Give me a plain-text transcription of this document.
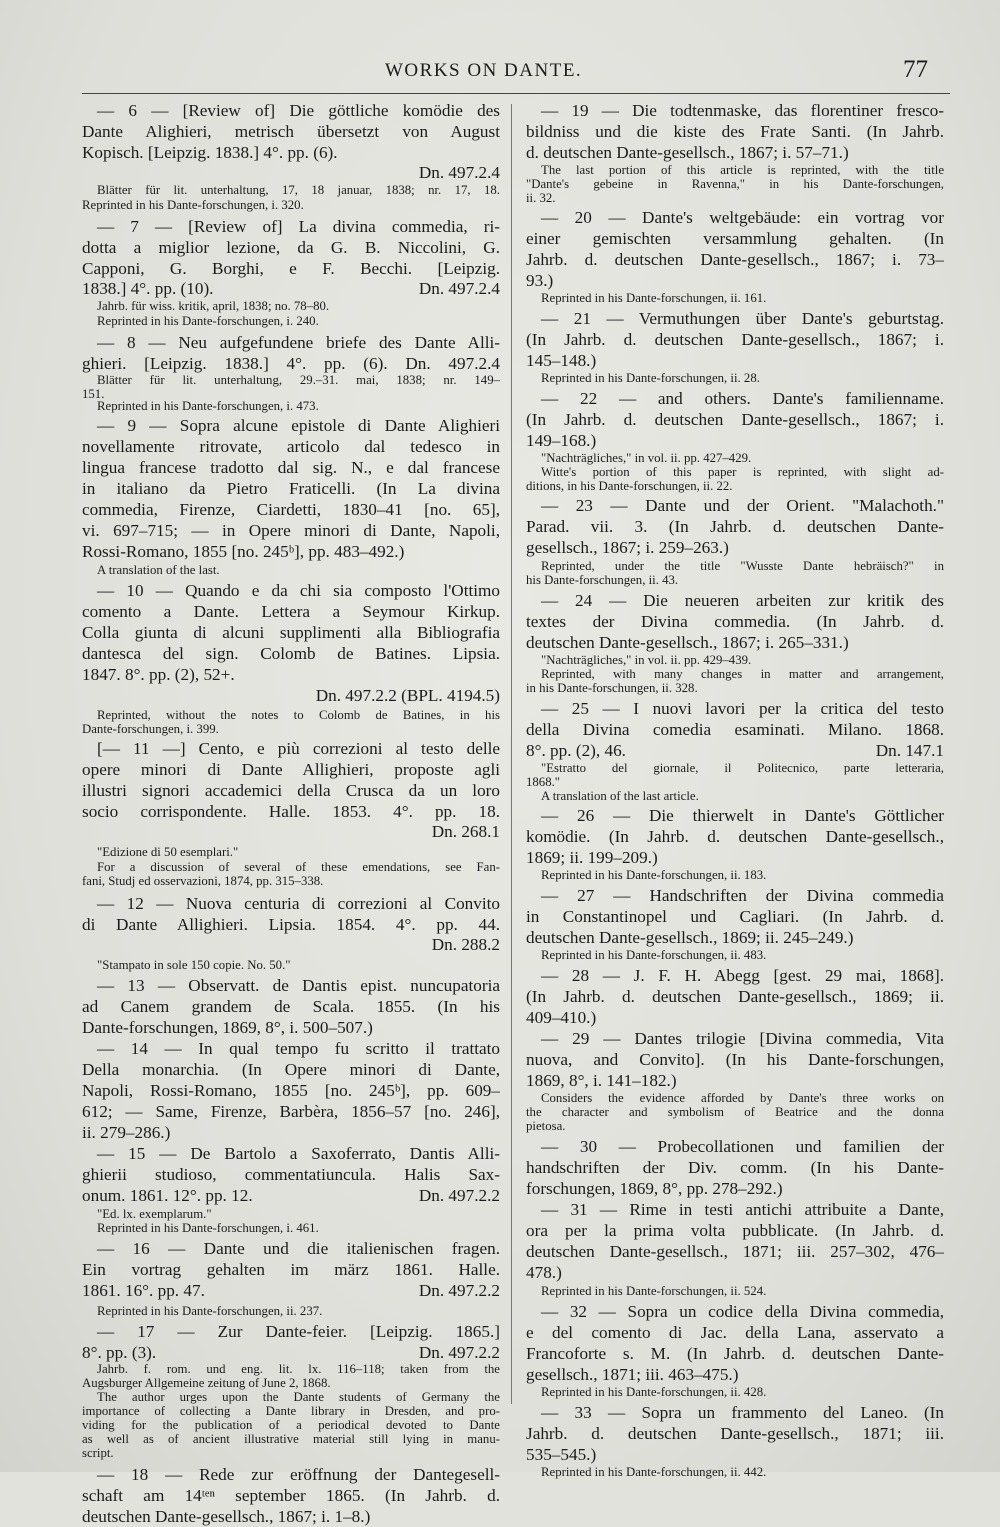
WORKS ON DANTE.	77
— 6 — [Review of] Die göttliche komödie des
Dante Alighieri, metrisch übersetzt von August
Kopisch. [Leipzig. 1838.] 4°. pp. (6).
Dn. 497.2.4
Blätter für lit. unterhaltung, 17, 18 januar, 1838; nr. 17, 18.
Reprinted in his Dante-forschungen, i. 320.
— 7 — [Review of] La divina commedia, ri-
dotta a miglior lezione, da G. B. Niccolini, G.
Capponi, G. Borghi, e F. Becchi. [Leipzig.
1838.] 4°. pp. (10).	Dn. 497.2.4
Jahrb. für wiss. kritik, april, 1838; no. 78–80.
Reprinted in his Dante-forschungen, i. 240.
— 8 — Neu aufgefundene briefe des Dante Alli-
ghieri. [Leipzig. 1838.] 4°. pp. (6). Dn. 497.2.4
Blätter für lit. unterhaltung, 29.–31. mai, 1838; nr. 149–
151.
Reprinted in his Dante-forschungen, i. 473.
— 9 — Sopra alcune epistole di Dante Alighieri
novellamente ritrovate, articolo dal tedesco in
lingua francese tradotto dal sig. N., e dal francese
in italiano da Pietro Fraticelli. (In La divina
commedia, Firenze, Ciardetti, 1830–41 [no. 65],
vi. 697–715; — in Opere minori di Dante, Napoli,
Rossi-Romano, 1855 [no. 245ᵇ], pp. 483–492.)
A translation of the last.
— 10 — Quando e da chi sia composto l'Ottimo
comento a Dante. Lettera a Seymour Kirkup.
Colla giunta di alcuni supplimenti alla Bibliografia
dantesca del sign. Colomb de Batines. Lipsia.
1847. 8°. pp. (2), 52+.
Dn. 497.2.2 (BPL. 4194.5)
Reprinted, without the notes to Colomb de Batines, in his
Dante-forschungen, i. 399.
[— 11 —] Cento, e più correzioni al testo delle
opere minori di Dante Allighieri, proposte agli
illustri signori accademici della Crusca da un loro
socio corrispondente. Halle. 1853. 4°. pp. 18.
Dn. 268.1
"Edizione di 50 esemplari."
For a discussion of several of these emendations, see Fan-
fani, Studj ed osservazioni, 1874, pp. 315–338.
— 12 — Nuova centuria di correzioni al Convito
di Dante Allighieri. Lipsia. 1854. 4°. pp. 44.
Dn. 288.2
"Stampato in sole 150 copie. No. 50."
— 13 — Observatt. de Dantis epist. nuncupatoria
ad Canem grandem de Scala. 1855. (In his
Dante-forschungen, 1869, 8°, i. 500–507.)
— 14 — In qual tempo fu scritto il trattato
Della monarchia. (In Opere minori di Dante,
Napoli, Rossi-Romano, 1855 [no. 245ᵇ], pp. 609–
612; — Same, Firenze, Barbèra, 1856–57 [no. 246],
ii. 279–286.)
— 15 — De Bartolo a Saxoferrato, Dantis Alli-
ghierii studioso, commentatiuncula. Halis Sax-
onum. 1861. 12°. pp. 12.	Dn. 497.2.2
"Ed. lx. exemplarum."
Reprinted in his Dante-forschungen, i. 461.
— 16 — Dante und die italienischen fragen.
Ein vortrag gehalten im märz 1861. Halle.
1861. 16°. pp. 47.	Dn. 497.2.2
Reprinted in his Dante-forschungen, ii. 237.
— 17 — Zur Dante-feier. [Leipzig. 1865.]
8°. pp. (3).	Dn. 497.2.2
Jahrb. f. rom. und eng. lit. lx. 116–118; taken from the
Augsburger Allgemeine zeitung of June 2, 1868.
The author urges upon the Dante students of Germany the
importance of collecting a Dante library in Dresden, and pro-
viding for the publication of a periodical devoted to Dante
as well as of ancient illustrative material still lying in manu-
script.
— 18 — Rede zur eröffnung der Dantegesell-
schaft am 14ᵗᵉⁿ september 1865. (In Jahrb. d.
deutschen Dante-gesellsch., 1867; i. 1–8.)
— 19 — Die todtenmaske, das florentiner fresco-
bildniss und die kiste des Frate Santi. (In Jahrb.
d. deutschen Dante-gesellsch., 1867; i. 57–71.)
The last portion of this article is reprinted, with the title
"Dante's gebeine in Ravenna," in his Dante-forschungen,
ii. 32.
— 20 — Dante's weltgebäude: ein vortrag vor
einer gemischten versammlung gehalten. (In
Jahrb. d. deutschen Dante-gesellsch., 1867; i. 73–
93.)
Reprinted in his Dante-forschungen, ii. 161.
— 21 — Vermuthungen über Dante's geburtstag.
(In Jahrb. d. deutschen Dante-gesellsch., 1867; i.
145–148.)
Reprinted in his Dante-forschungen, ii. 28.
— 22 — and others. Dante's familienname.
(In Jahrb. d. deutschen Dante-gesellsch., 1867; i.
149–168.)
"Nachträgliches," in vol. ii. pp. 427–429.
Witte's portion of this paper is reprinted, with slight ad-
ditions, in his Dante-forschungen, ii. 22.
— 23 — Dante und der Orient. "Malachoth."
Parad. vii. 3. (In Jahrb. d. deutschen Dante-
gesellsch., 1867; i. 259–263.)
Reprinted, under the title "Wusste Dante hebräisch?" in
his Dante-forschungen, ii. 43.
— 24 — Die neueren arbeiten zur kritik des
textes der Divina commedia. (In Jahrb. d.
deutschen Dante-gesellsch., 1867; i. 265–331.)
"Nachträgliches," in vol. ii. pp. 429–439.
Reprinted, with many changes in matter and arrangement,
in his Dante-forschungen, ii. 328.
— 25 — I nuovi lavori per la critica del testo
della Divina comedia esaminati. Milano. 1868.
8°. pp. (2), 46.	Dn. 147.1
"Estratto del giornale, il Politecnico, parte letteraria,
1868."
A translation of the last article.
— 26 — Die thierwelt in Dante's Göttlicher
komödie. (In Jahrb. d. deutschen Dante-gesellsch.,
1869; ii. 199–209.)
Reprinted in his Dante-forschungen, ii. 183.
— 27 — Handschriften der Divina commedia
in Constantinopel und Cagliari. (In Jahrb. d.
deutschen Dante-gesellsch., 1869; ii. 245–249.)
Reprinted in his Dante-forschungen, ii. 483.
— 28 — J. F. H. Abegg [gest. 29 mai, 1868].
(In Jahrb. d. deutschen Dante-gesellsch., 1869; ii.
409–410.)
— 29 — Dantes trilogie [Divina commedia, Vita
nuova, and Convito]. (In his Dante-forschungen,
1869, 8°, i. 141–182.)
Considers the evidence afforded by Dante's three works on
the character and symbolism of Beatrice and the donna
pietosa.
— 30 — Probecollationen und familien der
handschriften der Div. comm. (In his Dante-
forschungen, 1869, 8°, pp. 278–292.)
— 31 — Rime in testi antichi attribuite a Dante,
ora per la prima volta pubblicate. (In Jahrb. d.
deutschen Dante-gesellsch., 1871; iii. 257–302, 476–
478.)
Reprinted in his Dante-forschungen, ii. 524.
— 32 — Sopra un codice della Divina commedia,
e del comento di Jac. della Lana, asservato a
Francoforte s. M. (In Jahrb. d. deutschen Dante-
gesellsch., 1871; iii. 463–475.)
Reprinted in his Dante-forschungen, ii. 428.
— 33 — Sopra un frammento del Laneo. (In
Jahrb. d. deutschen Dante-gesellsch., 1871; iii.
535–545.)
Reprinted in his Dante-forschungen, ii. 442.
